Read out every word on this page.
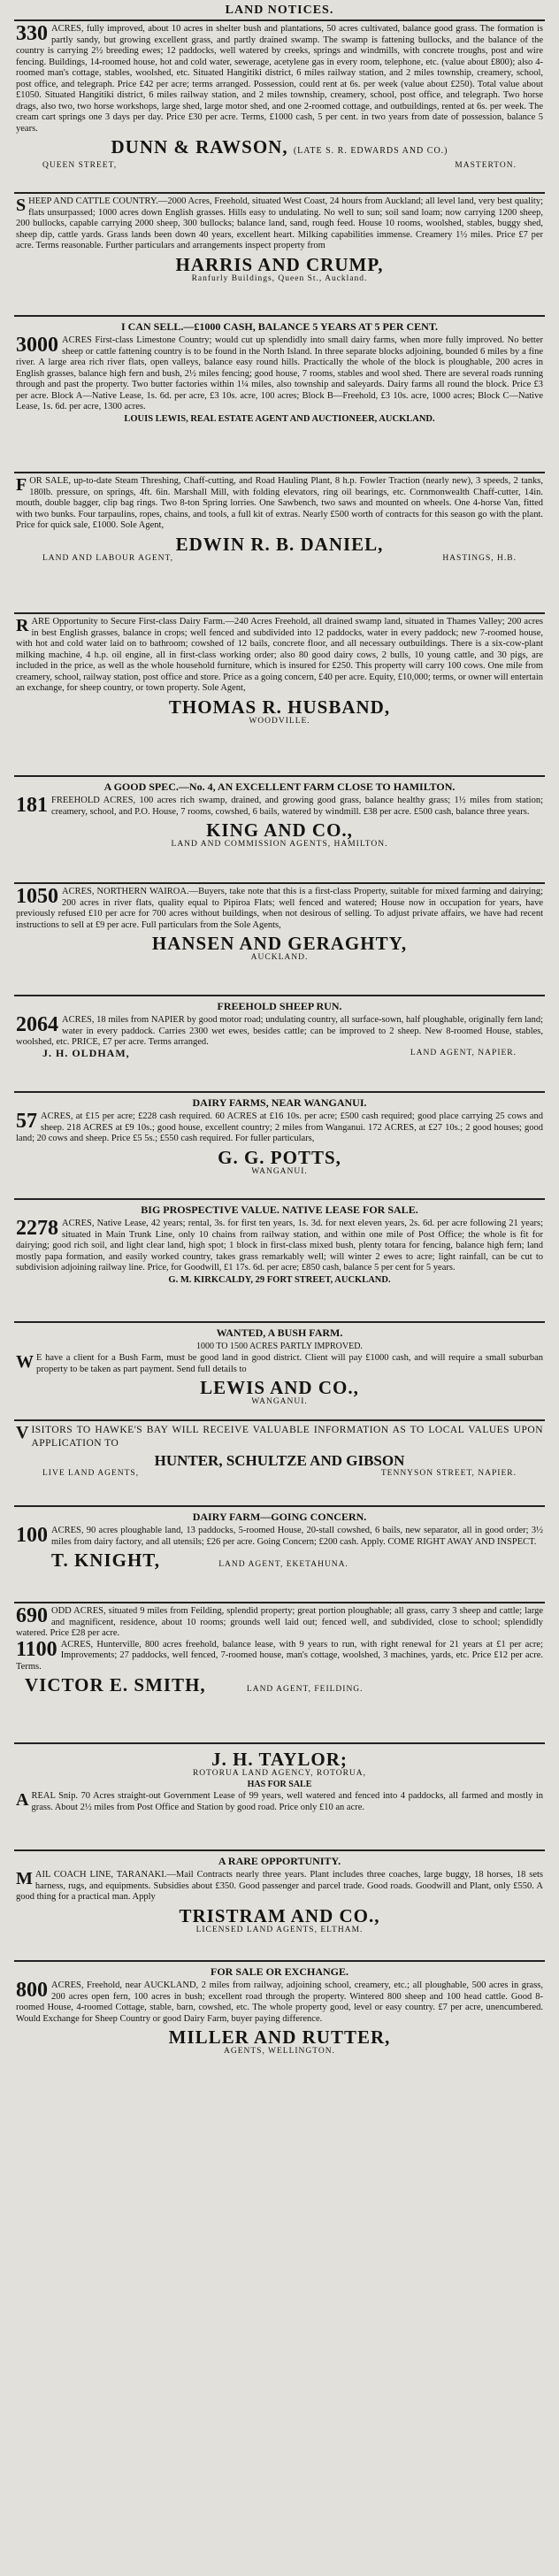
LAND NOTICES.
330 ACRES, fully improved, about 10 acres in shelter bush and plantations, 50 acres cultivated, balance good grass. The formation is partly sandy, but growing excellent grass, and partly drained swamp. The swamp is fattening bullocks, and the balance of the country is carrying 2½ breeding ewes; 12 paddocks, well watered by creeks, springs and windmills, with concrete troughs, post and wire fencing. Buildings, 14-roomed house, hot and cold water, sewerage, acetylene gas in every room, telephone, etc. (value about £800); also 4-roomed man's cottage, stables, woolshed, etc. Situated Hangitiki district, 6 miles railway station, and 2 miles township, creamery, school, post office, and telegraph. Price £42 per acre; terms arranged. Possession, could rent at 6s. per week (value about £250). Total value about £1050. Situated Hangitiki district, 6 miles railway station, and 2 miles township, creamery, school, post office, and telegraph. Two horse drags, also two, two horse workshops, large shed, large motor shed, and one 2-roomed cottage, and outbuildings, rented at 6s. per week. The cream cart springs one 3 days per day. Price £30 per acre. Terms, £1000 cash, 5 per cent. in two years from date of possession, balance 5 years.

DUNN & RAWSON, (LATE S. R. EDWARDS AND CO.)
QUEEN STREET,	MASTERTON.
S HEEP AND CATTLE COUNTRY.—2000 Acres, Freehold, situated West Coast, 24 hours from Auckland; all level land, very best quality; flats unsurpassed; 1000 acres down English grasses. Hills easy to undulating. No well to sun; soil sand loam; now carrying 1200 sheep, 200 bullocks, capable carrying 2000 sheep, 300 bullocks; balance land, sand, rough feed. House 10 rooms, woolshed, stables, buggy shed, sheep dip, cattle yards. Grass lands been down 40 years, excellent heart. Milking capabilities immense. Creamery 1½ miles. Price £7 per acre. Terms reasonable. Further particulars and arrangements inspect property from

HARRIS AND CRUMP,
Ranfurly Buildings, Queen St., Auckland.
I CAN SELL.—£1000 CASH, BALANCE 5 YEARS AT 5 PER CENT.
3000 ACRES First-class Limestone Country; would cut up splendidly into small dairy farms, when more fully improved. No better sheep or cattle fattening country is to be found in the North Island. In three separate blocks adjoining, bounded 6 miles by a fine river. A large area rich river flats, open valleys, balance easy round hills. Practically the whole of the block is ploughable, 200 acres in English grasses, balance high fern and bush, 2½ miles fencing; good house, 7 rooms, stables and wool shed. There are several roads running through and past the property. Two butter factories within 1¼ miles, also township and saleyards. Dairy farms all round the block. Price £3 per acre. Block A—Native Lease, 1s. 6d. per acre, £3 10s. acre, 100 acres; Block B—Freehold, £3 10s. acre, 1000 acres; Block C—Native Lease, 1s. 6d. per acre, 1300 acres.

LOUIS LEWIS, REAL ESTATE AGENT AND AUCTIONEER, AUCKLAND.
F OR SALE, up-to-date Steam Threshing, Chaff-cutting, and Road Hauling Plant, 8 h.p. Fowler Traction (nearly new), 3 speeds, 2 tanks, 180lb. pressure, on springs, 4ft. 6in. Marshall Mill, with folding elevators, ring oil bearings, etc. Cornmonwealth Chaff-cutter, 14in. mouth, double bagger, clip bag rings. Two 8-ton Spring lorries. One Sawbench, two saws and mounted on wheels. One 4-horse Van, fitted with two bunks. Four tarpaulins, ropes, chains, and tools, a full kit of extras. Nearly £500 worth of contracts for this season go with the plant. Price for quick sale, £1000. Sole Agent,

EDWIN R. B. DANIEL,
LAND AND LABOUR AGENT,	HASTINGS, H.B.
R ARE Opportunity to Secure First-class Dairy Farm.—240 Acres Freehold, all drained swamp land, situated in Thames Valley; 200 acres in best English grasses, balance in crops; well fenced and subdivided into 12 paddocks, water in every paddock; new 7-roomed house, with hot and cold water laid on to bathroom; cowshed of 12 bails, concrete floor, and all necessary outbuildings. There is a six-cow-plant milking machine, 4 h.p. oil engine, all in first-class working order; also 80 good dairy cows, 2 bulls, 10 young cattle, and 30 pigs, are included in the price, as well as the whole household furniture, which is insured for £250. This property will carry 100 cows. One mile from creamery, school, railway station, post office and store. Price as a going concern, £40 per acre. Equity, £10,000; terms, or owner will entertain an exchange, for sheep country, or town property. Sole Agent,

THOMAS R. HUSBAND,
WOODVILLE.
A GOOD SPEC.—No. 4, AN EXCELLENT FARM CLOSE TO HAMILTON.
181 FREEHOLD ACRES, 100 acres rich swamp, drained, and growing good grass, balance healthy grass; 1½ miles from station; creamery, school, and P.O. House, 7 rooms, cowshed, 6 bails, watered by windmill. £38 per acre. £500 cash, balance three years.

KING AND CO.,
LAND AND COMMISSION AGENTS, HAMILTON.
1050 ACRES, NORTHERN WAIROA.—Buyers, take note that this is a first-class Property, suitable for mixed farming and dairying; 200 acres in river flats, quality equal to Pipiroa Flats; well fenced and watered; House now in occupation for years, have previously refused £10 per acre for 700 acres without buildings, when not desirous of selling. To adjust private affairs, we have had recent instructions to sell at £9 per acre. Full particulars from the Sole Agents,

HANSEN AND GERAGHTY,
AUCKLAND.
FREEHOLD SHEEP RUN.
2064 ACRES, 18 miles from NAPIER by good motor road; undulating country, all surface-sown, half ploughable, originally fern land; water in every paddock. Carries 2300 wet ewes, besides cattle; can be improved to 2 sheep. New 8-roomed House, stables, woolshed, etc. PRICE, £7 per acre. Terms arranged.

J. H. OLDHAM,	LAND AGENT, NAPIER.
DAIRY FARMS, NEAR WANGANUI.
57 ACRES, at £15 per acre; £228 cash required. 60 ACRES at £16 10s. per acre; £500 cash required; good place carrying 25 cows and sheep. 218 ACRES at £9 10s.; good house, excellent country; 2 miles from Wanganui. 172 ACRES, at £27 10s.; 2 good houses; good land; 20 cows and sheep. Price £5 5s.; £550 cash required. For fuller particulars,

G. G. POTTS,
WANGANUI.
BIG PROSPECTIVE VALUE. NATIVE LEASE FOR SALE.
2278 ACRES, Native Lease, 42 years; rental, 3s. for first ten years, 1s. 3d. for next eleven years, 2s. 6d. per acre following 21 years; situated in Main Trunk Line, only 10 chains from railway station, and within one mile of Post Office; the whole is fit for dairying; good rich soil, and light clear land, high spot; 1 block in first-class mixed bush, plenty totara for fencing, balance high fern; land mostly papa formation, and easily worked country, takes grass remarkably well; will winter 2 ewes to acre; light rainfall, can be cut to subdivision adjoining railway line. Price, for Goodwill, £1 17s. 6d. per acre; £850 cash, balance 5 per cent for 5 years.

G. M. KIRKCALDY, 29 FORT STREET, AUCKLAND.
WANTED, A BUSH FARM.
1000 TO 1500 ACRES PARTLY IMPROVED.
W E have a client for a Bush Farm, must be good land in good district. Client will pay £1000 cash, and will require a small suburban property to be taken as part payment. Send full details to

LEWIS AND CO.,
WANGANUI.
V ISITORS TO HAWKE'S BAY WILL RECEIVE VALUABLE INFORMATION AS TO LOCAL VALUES UPON APPLICATION TO

HUNTER, SCHULTZE AND GIBSON
LIVE LAND AGENTS,	TENNYSON STREET, NAPIER.
DAIRY FARM—GOING CONCERN.
100 ACRES, 90 acres ploughable land, 13 paddocks, 5-roomed House, 20-stall cowshed, 6 bails, new separator, all in good order; 3½ miles from dairy factory, and all utensils; £26 per acre. Going Concern; £200 cash. Apply. COME RIGHT AWAY AND INSPECT.

T. KNIGHT,	LAND AGENT, EKETAHUNA.
690 ODD ACRES, situated 9 miles from Feilding, splendid property; great portion ploughable; all grass, carry 3 sheep and cattle; large and magnificent, residence, about 10 rooms; grounds well laid out; fenced well, and subdivided, close to school; splendidly watered. Price £28 per acre.

1100 ACRES, Hunterville, 800 acres freehold, balance lease, with 9 years to run, with right renewal for 21 years at £1 per acre; Improvements; 27 paddocks, well fenced, 7-roomed house, man's cottage, woolshed, 3 machines, yards, etc. Price £12 per acre. Terms.

VICTOR E. SMITH,	LAND AGENT, FEILDING.
J. H. TAYLOR;
ROTORUA LAND AGENCY, ROTORUA,
HAS FOR SALE
A REAL Snip. 70 Acres straight-out Government Lease of 99 years, well watered and fenced into 4 paddocks, all farmed and mostly in grass. About 2½ miles from Post Office and Station by good road. Price only £10 an acre.

A RARE OPPORTUNITY.
M AIL COACH LINE, TARANAKI.—Mail Contracts nearly three years. Plant includes three coaches, large buggy, 18 horses, 18 sets harness, rugs, and equipments. Subsidies about £350. Good passenger and parcel trade. Good roads. Goodwill and Plant, only £550. A good thing for a practical man. Apply

TRISTRAM AND CO.,
LICENSED LAND AGENTS, ELTHAM.
FOR SALE OR EXCHANGE.
800 ACRES, Freehold, near AUCKLAND, 2 miles from railway, adjoining school, creamery, etc.; all ploughable, 500 acres in grass, 200 acres open fern, 100 acres in bush; excellent road through the property. Wintered 800 sheep and 100 head cattle. Good 8-roomed House, 4-roomed Cottage, stable, barn, cowshed, etc. The whole property good, level or easy country. £7 per acre, unencumbered. Would Exchange for Sheep Country or good Dairy Farm, buyer paying difference.

MILLER AND RUTTER,
AGENTS, WELLINGTON.
